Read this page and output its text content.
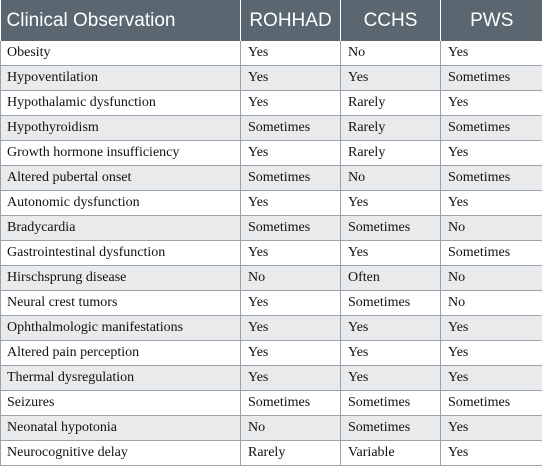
Clinical Observation	ROHHAD	CCHS	PWS
Obesity	Yes	No	Yes
Hypoventilation	Yes	Yes	Sometimes
Hypothalamic dysfunction	Yes	Rarely	Yes
Hypothyroidism	Sometimes	Rarely	Sometimes
Growth hormone insufficiency	Yes	Rarely	Yes
Altered pubertal onset	Sometimes	No	Sometimes
Autonomic dysfunction	Yes	Yes	Yes
Bradycardia	Sometimes	Sometimes	No
Gastrointestinal dysfunction	Yes	Yes	Sometimes
Hirschsprung disease	No	Often	No
Neural crest tumors	Yes	Sometimes	No
Ophthalmologic manifestations	Yes	Yes	Yes
Altered pain perception	Yes	Yes	Yes
Thermal dysregulation	Yes	Yes	Yes
Seizures	Sometimes	Sometimes	Sometimes
Neonatal hypotonia	No	Sometimes	Yes
Neurocognitive delay	Rarely	Variable	Yes
